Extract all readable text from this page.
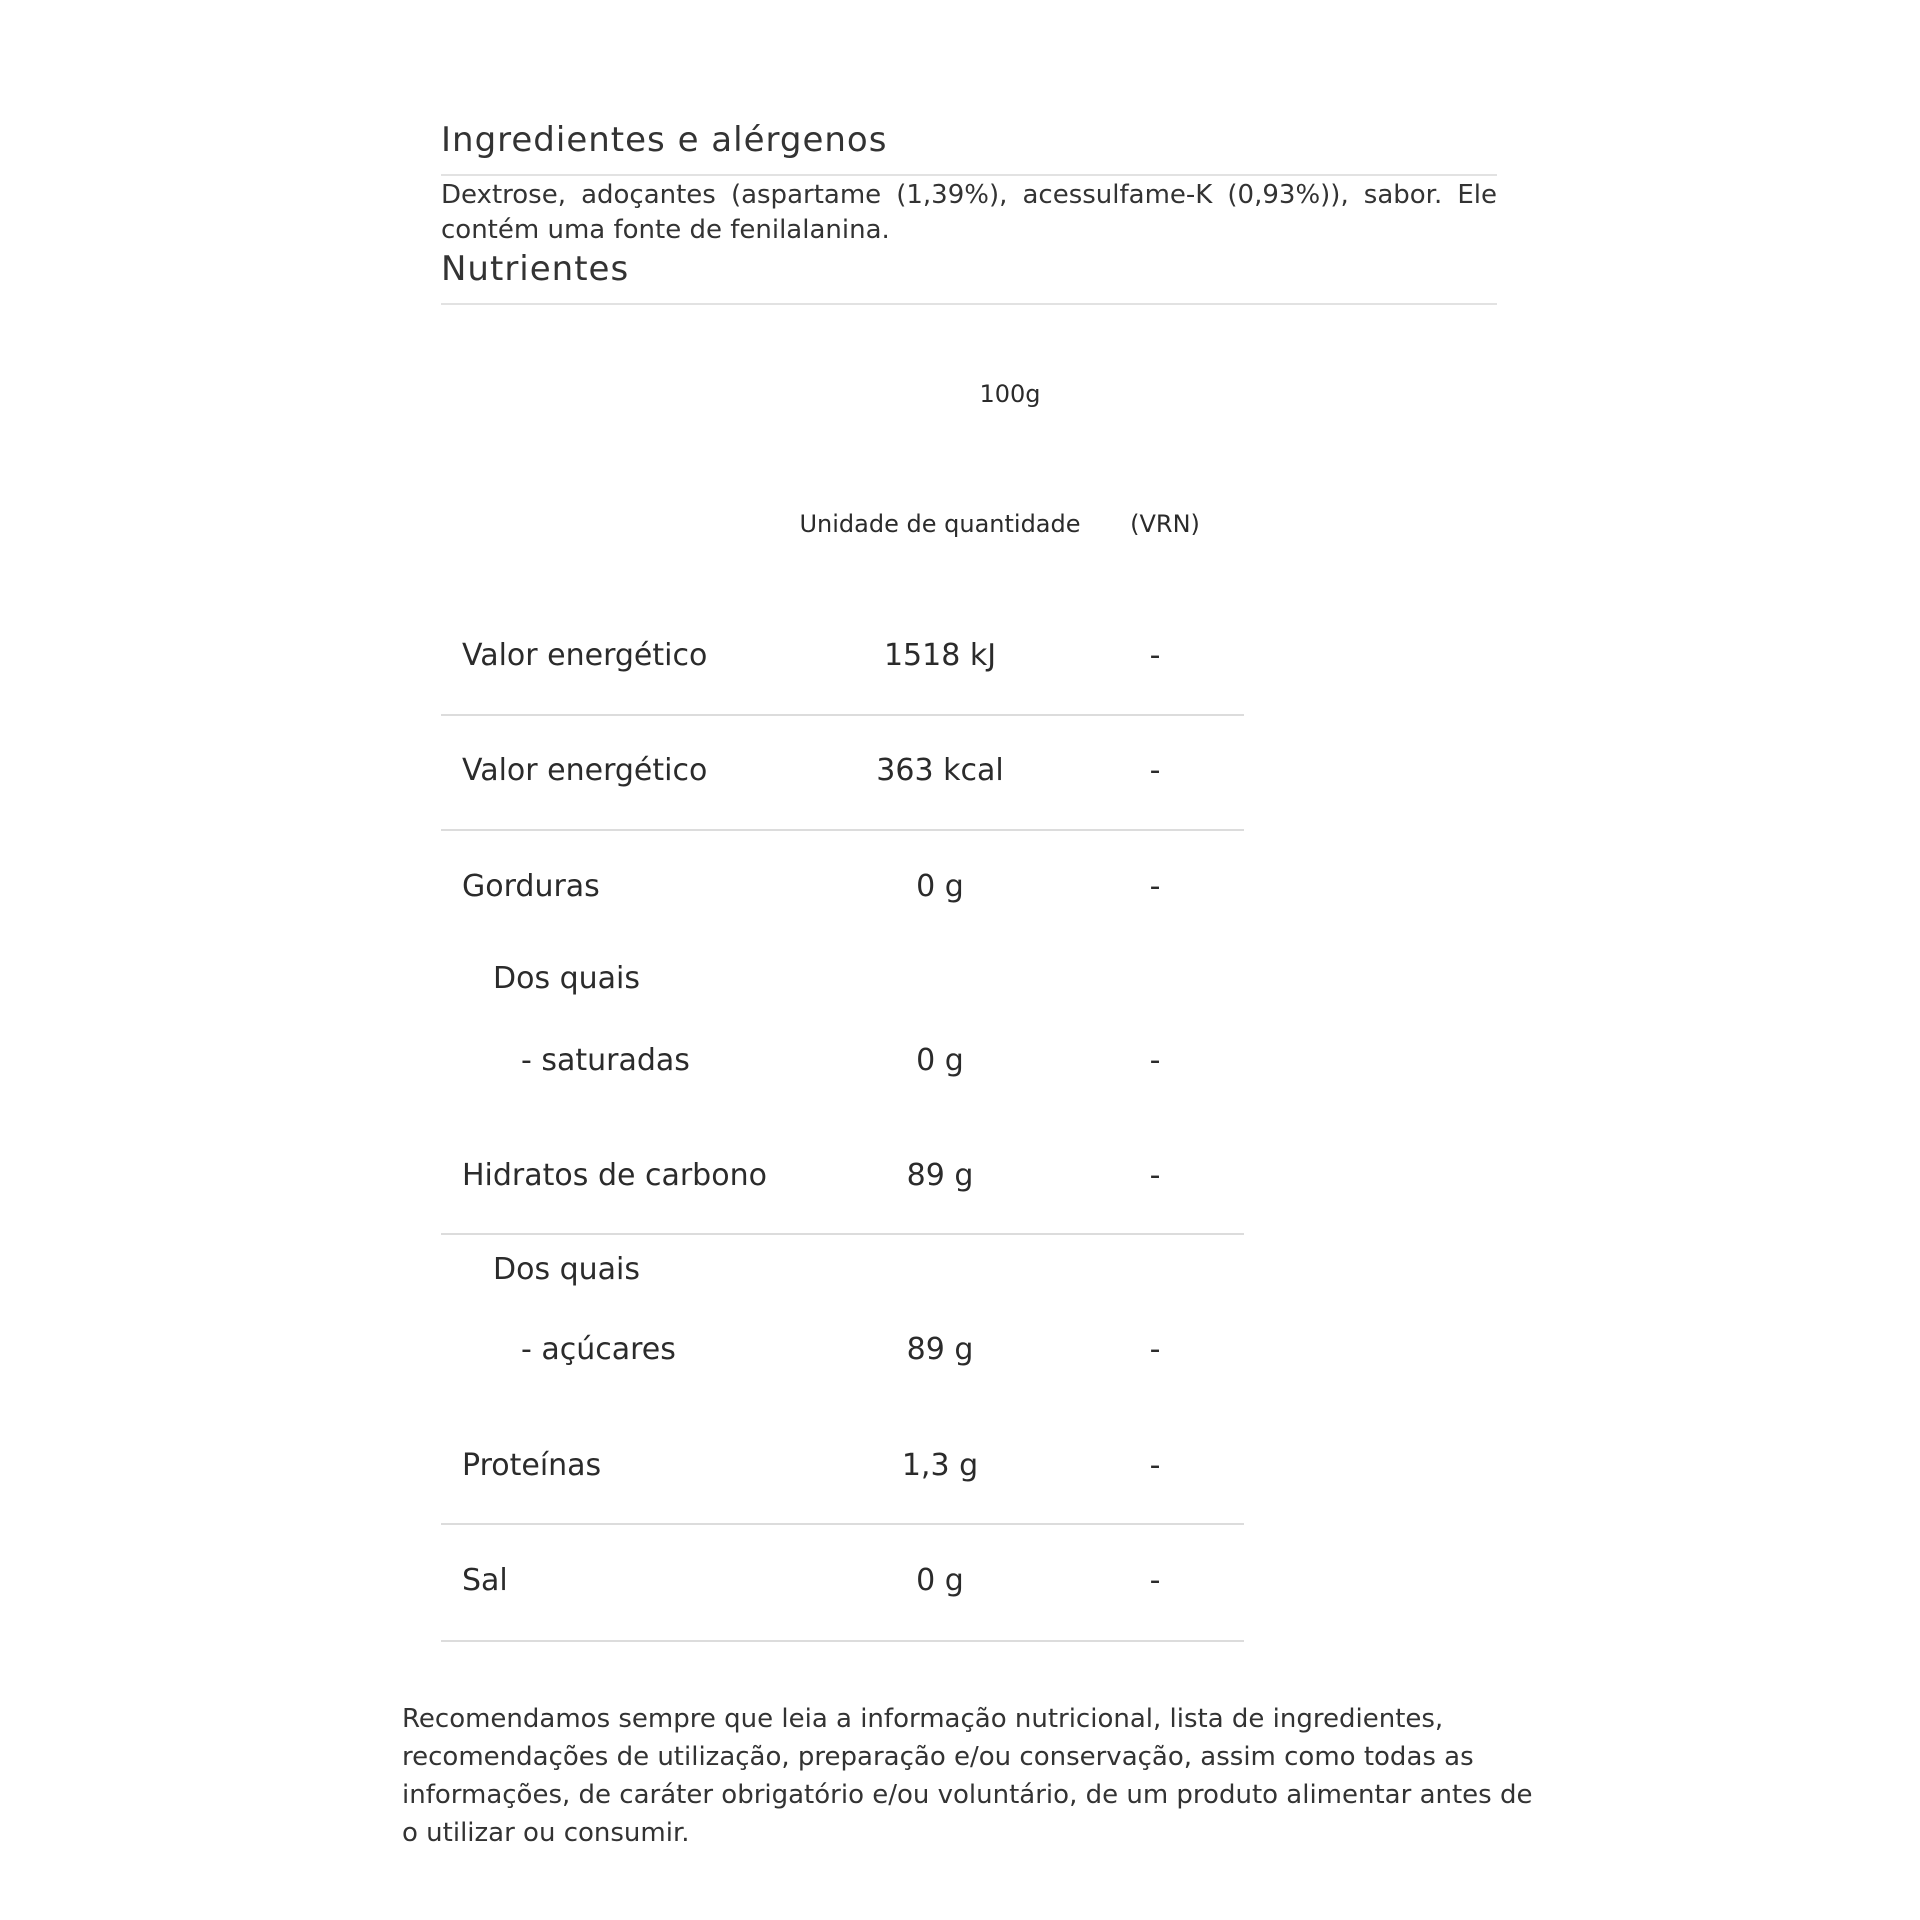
Ingredientes e alérgenos

Dextrose, adoçantes (aspartame (1,39%), acessulfame-K (0,93%)), sabor. Ele contém uma fonte de fenilalanina.

Nutrientes
100g
Unidade de quantidade	(VRN)
Valor energético	1518 kJ	-
Valor energético	363 kcal	-
Gorduras	0 g	-
Dos quais
- saturadas	0 g	-
Hidratos de carbono	89 g	-
Dos quais
- açúcares	89 g	-
Proteínas	1,3 g	-
Sal	0 g	-

Recomendamos sempre que leia a informação nutricional, lista de ingredientes, recomendações de utilização, preparação e/ou conservação, assim como todas as informações, de caráter obrigatório e/ou voluntário, de um produto alimentar antes de o utilizar ou consumir.
